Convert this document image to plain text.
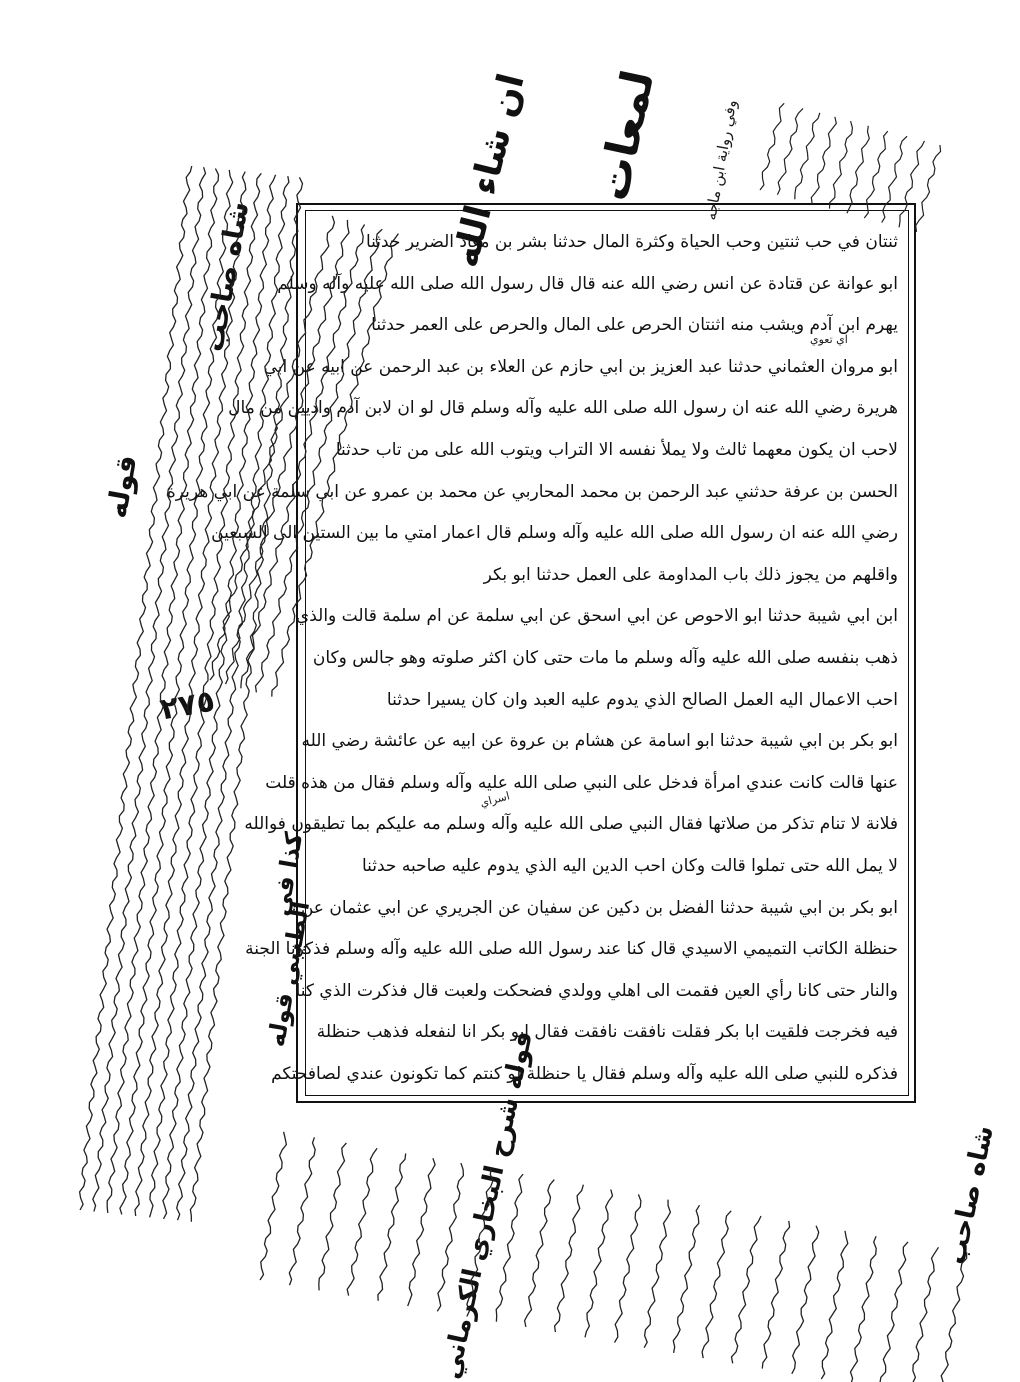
ثنتان في حب ثنتين وحب الحياة وكثرة المال حدثنا بشر بن معاذ الضرير حدثنا
ابو عوانة عن قتادة عن انس رضي الله عنه قال قال رسول الله صلى الله عليه وآله وسلم
يهرم ابن آدم ويشب منه اثنتان الحرص على المال والحرص على العمر حدثنا
ابو مروان العثماني حدثنا عبد العزيز بن ابي حازم عن العلاء بن عبد الرحمن عن ابيه عن ابي
هريرة رضي الله عنه ان رسول الله صلى الله عليه وآله وسلم قال لو ان لابن آدم واديين من مال
لاحب ان يكون معهما ثالث ولا يملأ نفسه الا التراب ويتوب الله على من تاب حدثنا
الحسن بن عرفة حدثني عبد الرحمن بن محمد المحاربي عن محمد بن عمرو عن ابي سلمة عن ابي هريرة
رضي الله عنه ان رسول الله صلى الله عليه وآله وسلم قال اعمار امتي ما بين الستين الى السبعين
واقلهم من يجوز ذلك باب المداومة على العمل حدثنا ابو بكر
ابن ابي شيبة حدثنا ابو الاحوص عن ابي اسحق عن ابي سلمة عن ام سلمة قالت والذي
ذهب بنفسه صلى الله عليه وآله وسلم ما مات حتى كان اكثر صلوته وهو جالس وكان
احب الاعمال اليه العمل الصالح الذي يدوم عليه العبد وان كان يسيرا حدثنا
ابو بكر بن ابي شيبة حدثنا ابو اسامة عن هشام بن عروة عن ابيه عن عائشة رضي الله
عنها قالت كانت عندي امرأة فدخل على النبي صلى الله عليه وآله وسلم فقال من هذه قلت
فلانة لا تنام تذكر من صلاتها فقال النبي صلى الله عليه وآله وسلم مه عليكم بما تطيقون فوالله
لا يمل الله حتى تملوا قالت وكان احب الدين اليه الذي يدوم عليه صاحبه حدثنا
ابو بكر بن ابي شيبة حدثنا الفضل بن دكين عن سفيان عن الجريري عن ابي عثمان عن
حنظلة الكاتب التميمي الاسيدي قال كنا عند رسول الله صلى الله عليه وآله وسلم فذكرنا الجنة
والنار حتى كانا رأي العين فقمت الى اهلي وولدي فضحكت ولعبت قال فذكرت الذي كنا
فيه فخرجت فلقيت ابا بكر فقلت نافقت نافقت فقال ابو بكر انا لنفعله فذهب حنظلة
فذكره للنبي صلى الله عليه وآله وسلم فقال يا حنظلة لو كنتم كما تكونون عندي لصافحتكم
لمعات
ان شاء الله	وفي رواية ابن ماجه
شاه صاحب
قوله
الطيبي قوله
كذا في
٢٧٥
قوله شرح البخاري الكرماني	شاه صاحب
اي تعوي
اسراي
